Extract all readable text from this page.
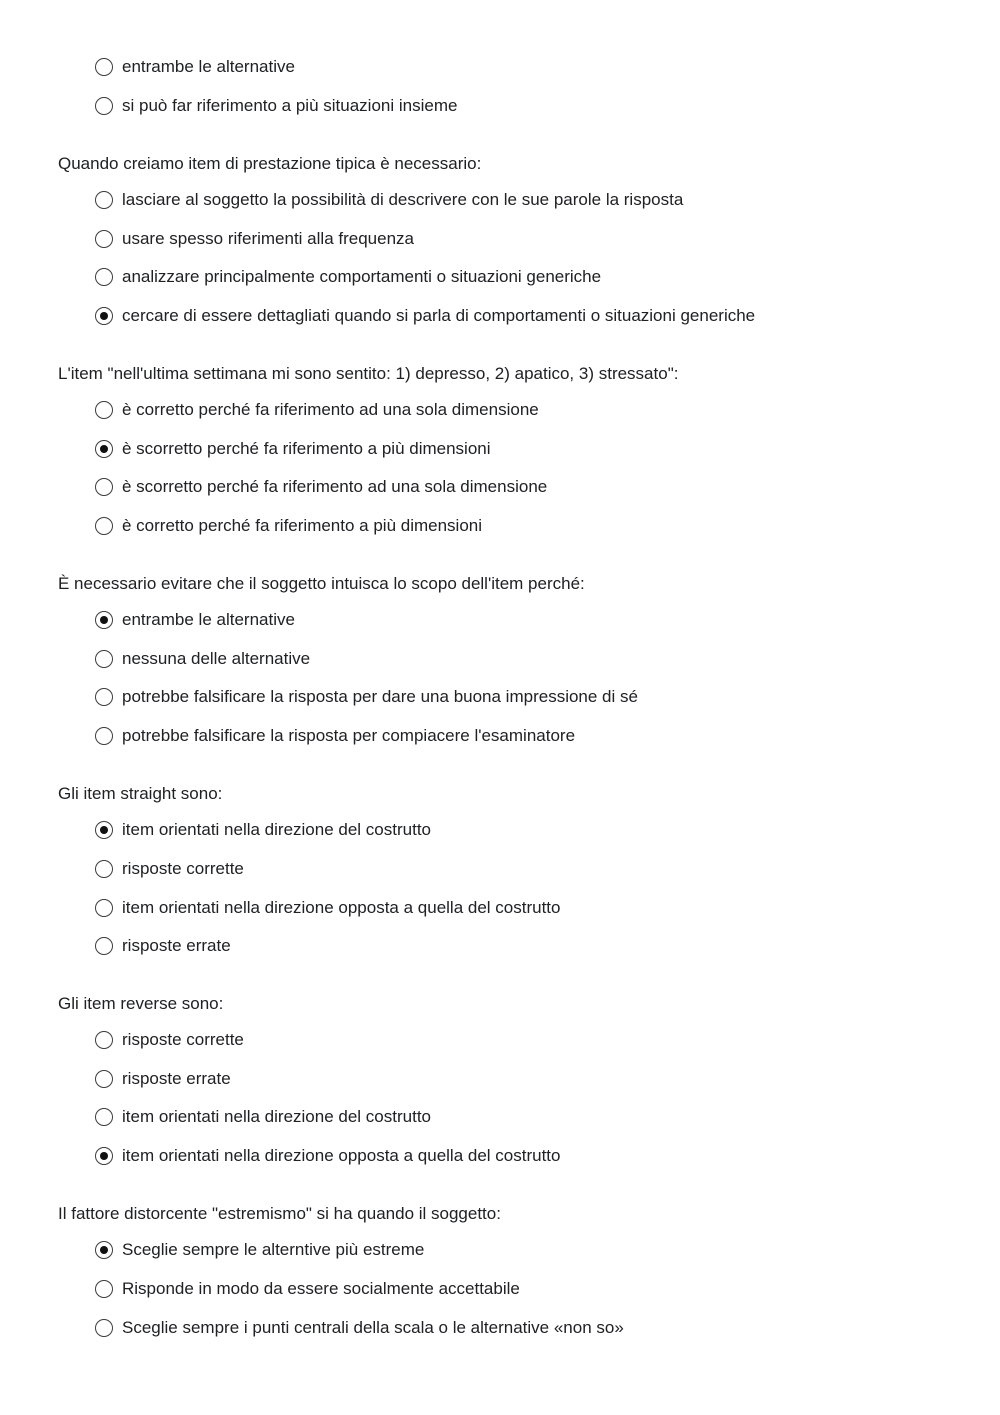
entrambe le alternative
si può far riferimento a più situazioni insieme
Quando creiamo item di prestazione tipica è necessario:
lasciare al soggetto la possibilità di descrivere con le sue parole la risposta
usare spesso riferimenti alla frequenza
analizzare principalmente comportamenti o situazioni generiche
cercare di essere dettagliati quando si parla di comportamenti o situazioni generiche
L'item "nell'ultima settimana mi sono sentito: 1) depresso, 2) apatico, 3) stressato":
è corretto perché fa riferimento ad una sola dimensione
è scorretto perché fa riferimento a più dimensioni
è scorretto perché fa riferimento ad una sola dimensione
è corretto perché fa riferimento a più dimensioni
È necessario evitare che il soggetto intuisca lo scopo dell'item perché:
entrambe le alternative
nessuna delle alternative
potrebbe falsificare la risposta per dare una buona impressione di sé
potrebbe falsificare la risposta per compiacere l'esaminatore
Gli item straight sono:
item orientati nella direzione del costrutto
risposte corrette
item orientati nella direzione opposta a quella del costrutto
risposte errate
Gli item reverse sono:
risposte corrette
risposte errate
item orientati nella direzione del costrutto
item orientati nella direzione opposta a quella del costrutto
Il fattore distorcente "estremismo" si ha quando il soggetto:
Sceglie sempre le alterntive più estreme
Risponde in modo da essere socialmente accettabile
Sceglie sempre i punti centrali della scala o le alternative «non so»
